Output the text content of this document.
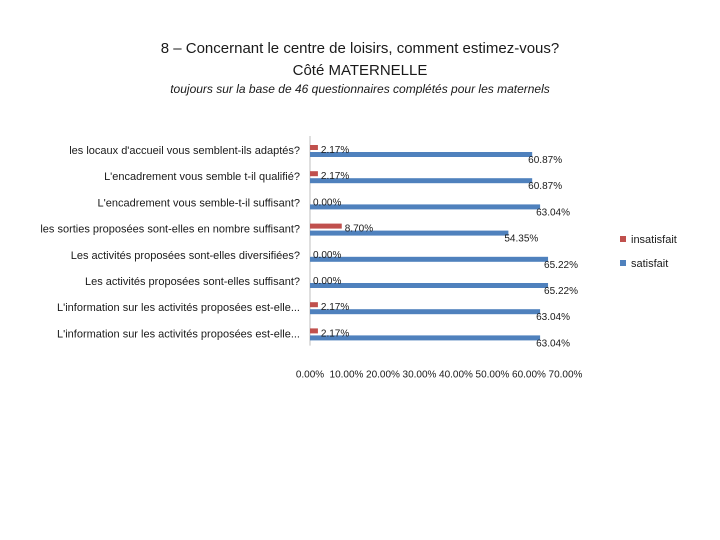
8 – Concernant le centre de loisirs, comment estimez-vous?
Côté MATERNELLE
toujours sur la base de 46 questionnaires complétés pour les maternels
les locaux d'accueil vous semblent-ils adaptés? 2.17%
60.87%
L'encadrement vous semble t-il qualifié? 2.17%
60.87%
L'encadrement vous semble-t-il suffisant? 0.00%
63.04%
les sorties proposées sont-elles en nombre suffisant?	8.70%
54.35%
Les activités proposées sont-elles diversifiées? 0.00%
65.22%
Les activités proposées sont-elles suffisant? 0.00%
65.22%
L'information sur les activités proposées est-elle... 2.17%
63.04%
L'information sur les activités proposées est-elle... 2.17%
63.04%
0.00% 10.00% 20.00% 30.00% 40.00% 50.00% 60.00% 70.00%
insatisfait
satisfait
